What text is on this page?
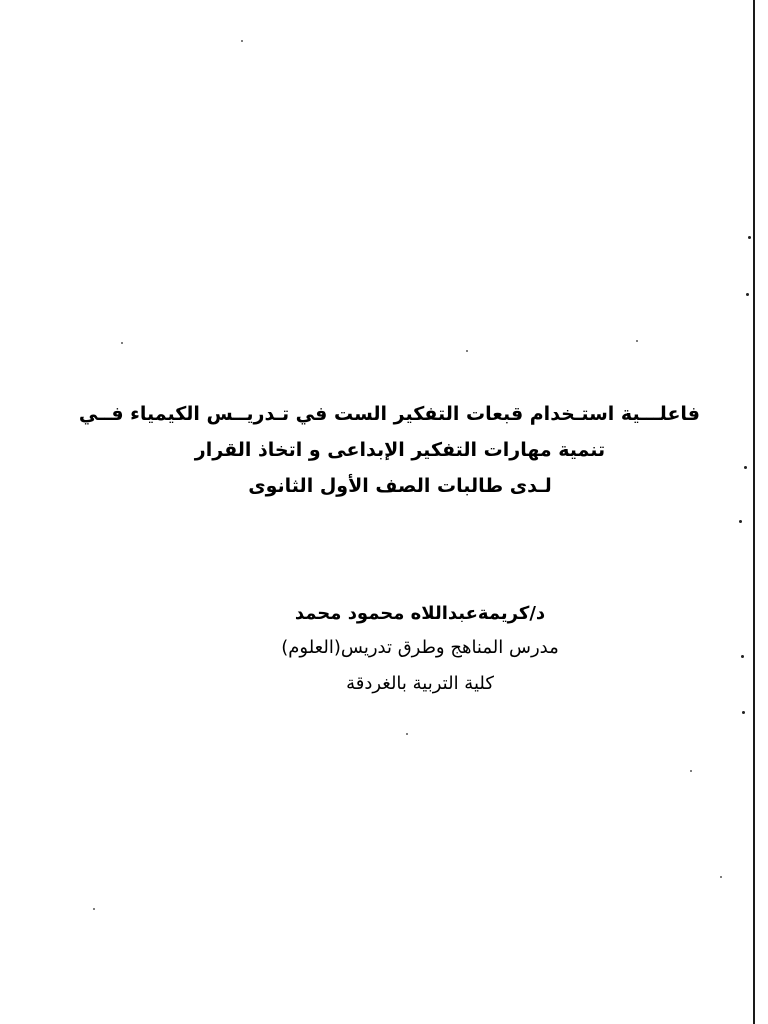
فاعلـــية استـخدام قبعات التفكير الست في تـدريــس الكيمياء فــي
تنمية مهارات التفكير الإبداعى و اتخاذ القرار
لـدى طالبات الصف الأول الثانوى
د/كريمةعبداللاه محمود محمد
مدرس المناهج وطرق تدريس(العلوم)
كلية التربية بالغردقة
